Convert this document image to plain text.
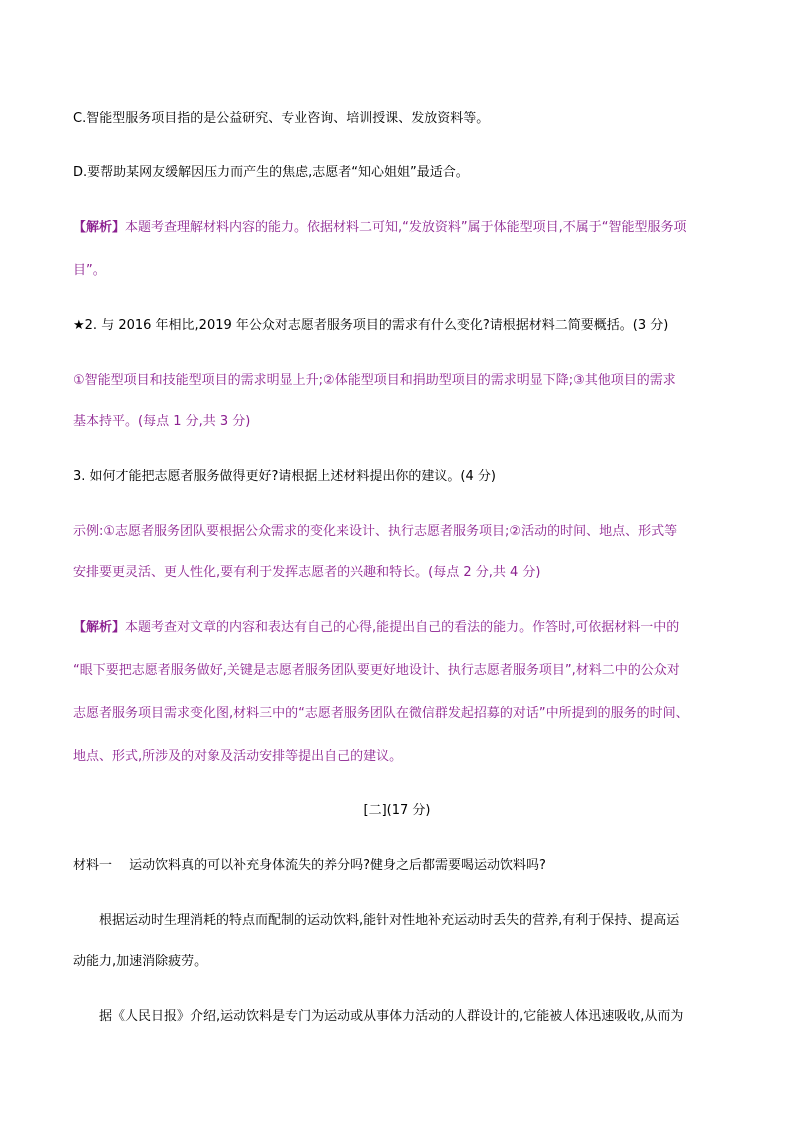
C.智能型服务项目指的是公益研究、专业咨询、培训授课、发放资料等。
D.要帮助某网友缓解因压力而产生的焦虑,志愿者“知心姐姐”最适合。
【解析】本题考查理解材料内容的能力。依据材料二可知,“发放资料”属于体能型项目,不属于“智能型服务项
目”。
★2. 与 2016 年相比,2019 年公众对志愿者服务项目的需求有什么变化?请根据材料二简要概括。(3 分)
①智能型项目和技能型项目的需求明显上升;②体能型项目和捐助型项目的需求明显下降;③其他项目的需求
基本持平。(每点 1 分,共 3 分)
3. 如何才能把志愿者服务做得更好?请根据上述材料提出你的建议。(4 分)
示例:①志愿者服务团队要根据公众需求的变化来设计、执行志愿者服务项目;②活动的时间、地点、形式等
安排要更灵活、更人性化,要有利于发挥志愿者的兴趣和特长。(每点 2 分,共 4 分)
【解析】本题考查对文章的内容和表达有自己的心得,能提出自己的看法的能力。作答时,可依据材料一中的
“眼下要把志愿者服务做好,关键是志愿者服务团队要更好地设计、执行志愿者服务项目”,材料二中的公众对
志愿者服务项目需求变化图,材料三中的“志愿者服务团队在微信群发起招募的对话”中所提到的服务的时间、
地点、形式,所涉及的对象及活动安排等提出自己的建议。
[二](17 分)
材料一　 运动饮料真的可以补充身体流失的养分吗?健身之后都需要喝运动饮料吗?
根据运动时生理消耗的特点而配制的运动饮料,能针对性地补充运动时丢失的营养,有利于保持、提高运
动能力,加速消除疲劳。
据《人民日报》介绍,运动饮料是专门为运动或从事体力活动的人群设计的,它能被人体迅速吸收,从而为
